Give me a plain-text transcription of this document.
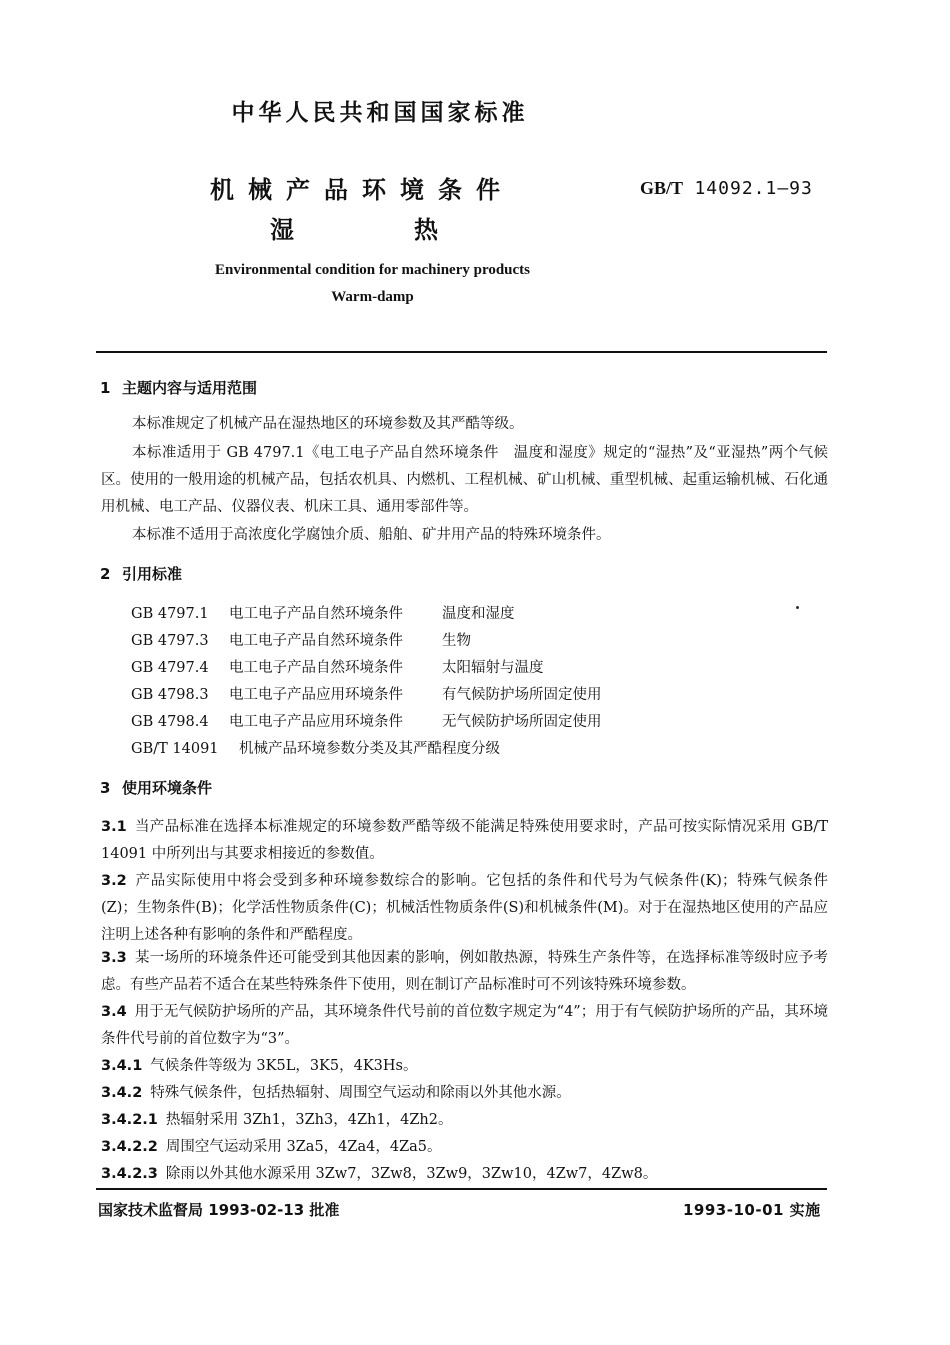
中华人民共和国国家标准
机械产品环境条件
湿	热
GB/T 14092.1—93
Environmental condition for machinery products
Warm-damp
1 主题内容与适用范围
本标准规定了机械产品在湿热地区的环境参数及其严酷等级。
本标准适用于 GB 4797.1《电工电子产品自然环境条件　温度和湿度》规定的“湿热”及“亚湿热”两个气候区。使用的一般用途的机械产品，包括农机具、内燃机、工程机械、矿山机械、重型机械、起重运输机械、石化通用机械、电工产品、仪器仪表、机床工具、通用零部件等。
本标准不适用于高浓度化学腐蚀介质、船舶、矿井用产品的特殊环境条件。
2 引用标准
GB 4797.1 电工电子产品自然环境条件	温度和湿度
GB 4797.3 电工电子产品自然环境条件	生物
GB 4797.4 电工电子产品自然环境条件	太阳辐射与温度
GB 4798.3 电工电子产品应用环境条件	有气候防护场所固定使用
GB 4798.4 电工电子产品应用环境条件	无气候防护场所固定使用
GB/T 14091 机械产品环境参数分类及其严酷程度分级
3 使用环境条件
3.1 当产品标准在选择本标准规定的环境参数严酷等级不能满足特殊使用要求时，产品可按实际情况采用 GB/T 14091 中所列出与其要求相接近的参数值。
3.2 产品实际使用中将会受到多种环境参数综合的影响。它包括的条件和代号为气候条件(K)；特殊气候条件(Z)；生物条件(B)；化学活性物质条件(C)；机械活性物质条件(S)和机械条件(M)。对于在湿热地区使用的产品应注明上述各种有影响的条件和严酷程度。
3.3 某一场所的环境条件还可能受到其他因素的影响，例如散热源，特殊生产条件等，在选择标准等级时应予考虑。有些产品若不适合在某些特殊条件下使用，则在制订产品标准时可不列该特殊环境参数。
3.4 用于无气候防护场所的产品，其环境条件代号前的首位数字规定为“4”；用于有气候防护场所的产品，其环境条件代号前的首位数字为“3”。
3.4.1 气候条件等级为 3K5L，3K5，4K3Hs。
3.4.2 特殊气候条件，包括热辐射、周围空气运动和除雨以外其他水源。
3.4.2.1 热辐射采用 3Zh1，3Zh3，4Zh1，4Zh2。
3.4.2.2 周围空气运动采用 3Za5，4Za4，4Za5。
3.4.2.3 除雨以外其他水源采用 3Zw7，3Zw8，3Zw9，3Zw10，4Zw7，4Zw8。
国家技术监督局 1993-02-13 批准	1993-10-01 实施
